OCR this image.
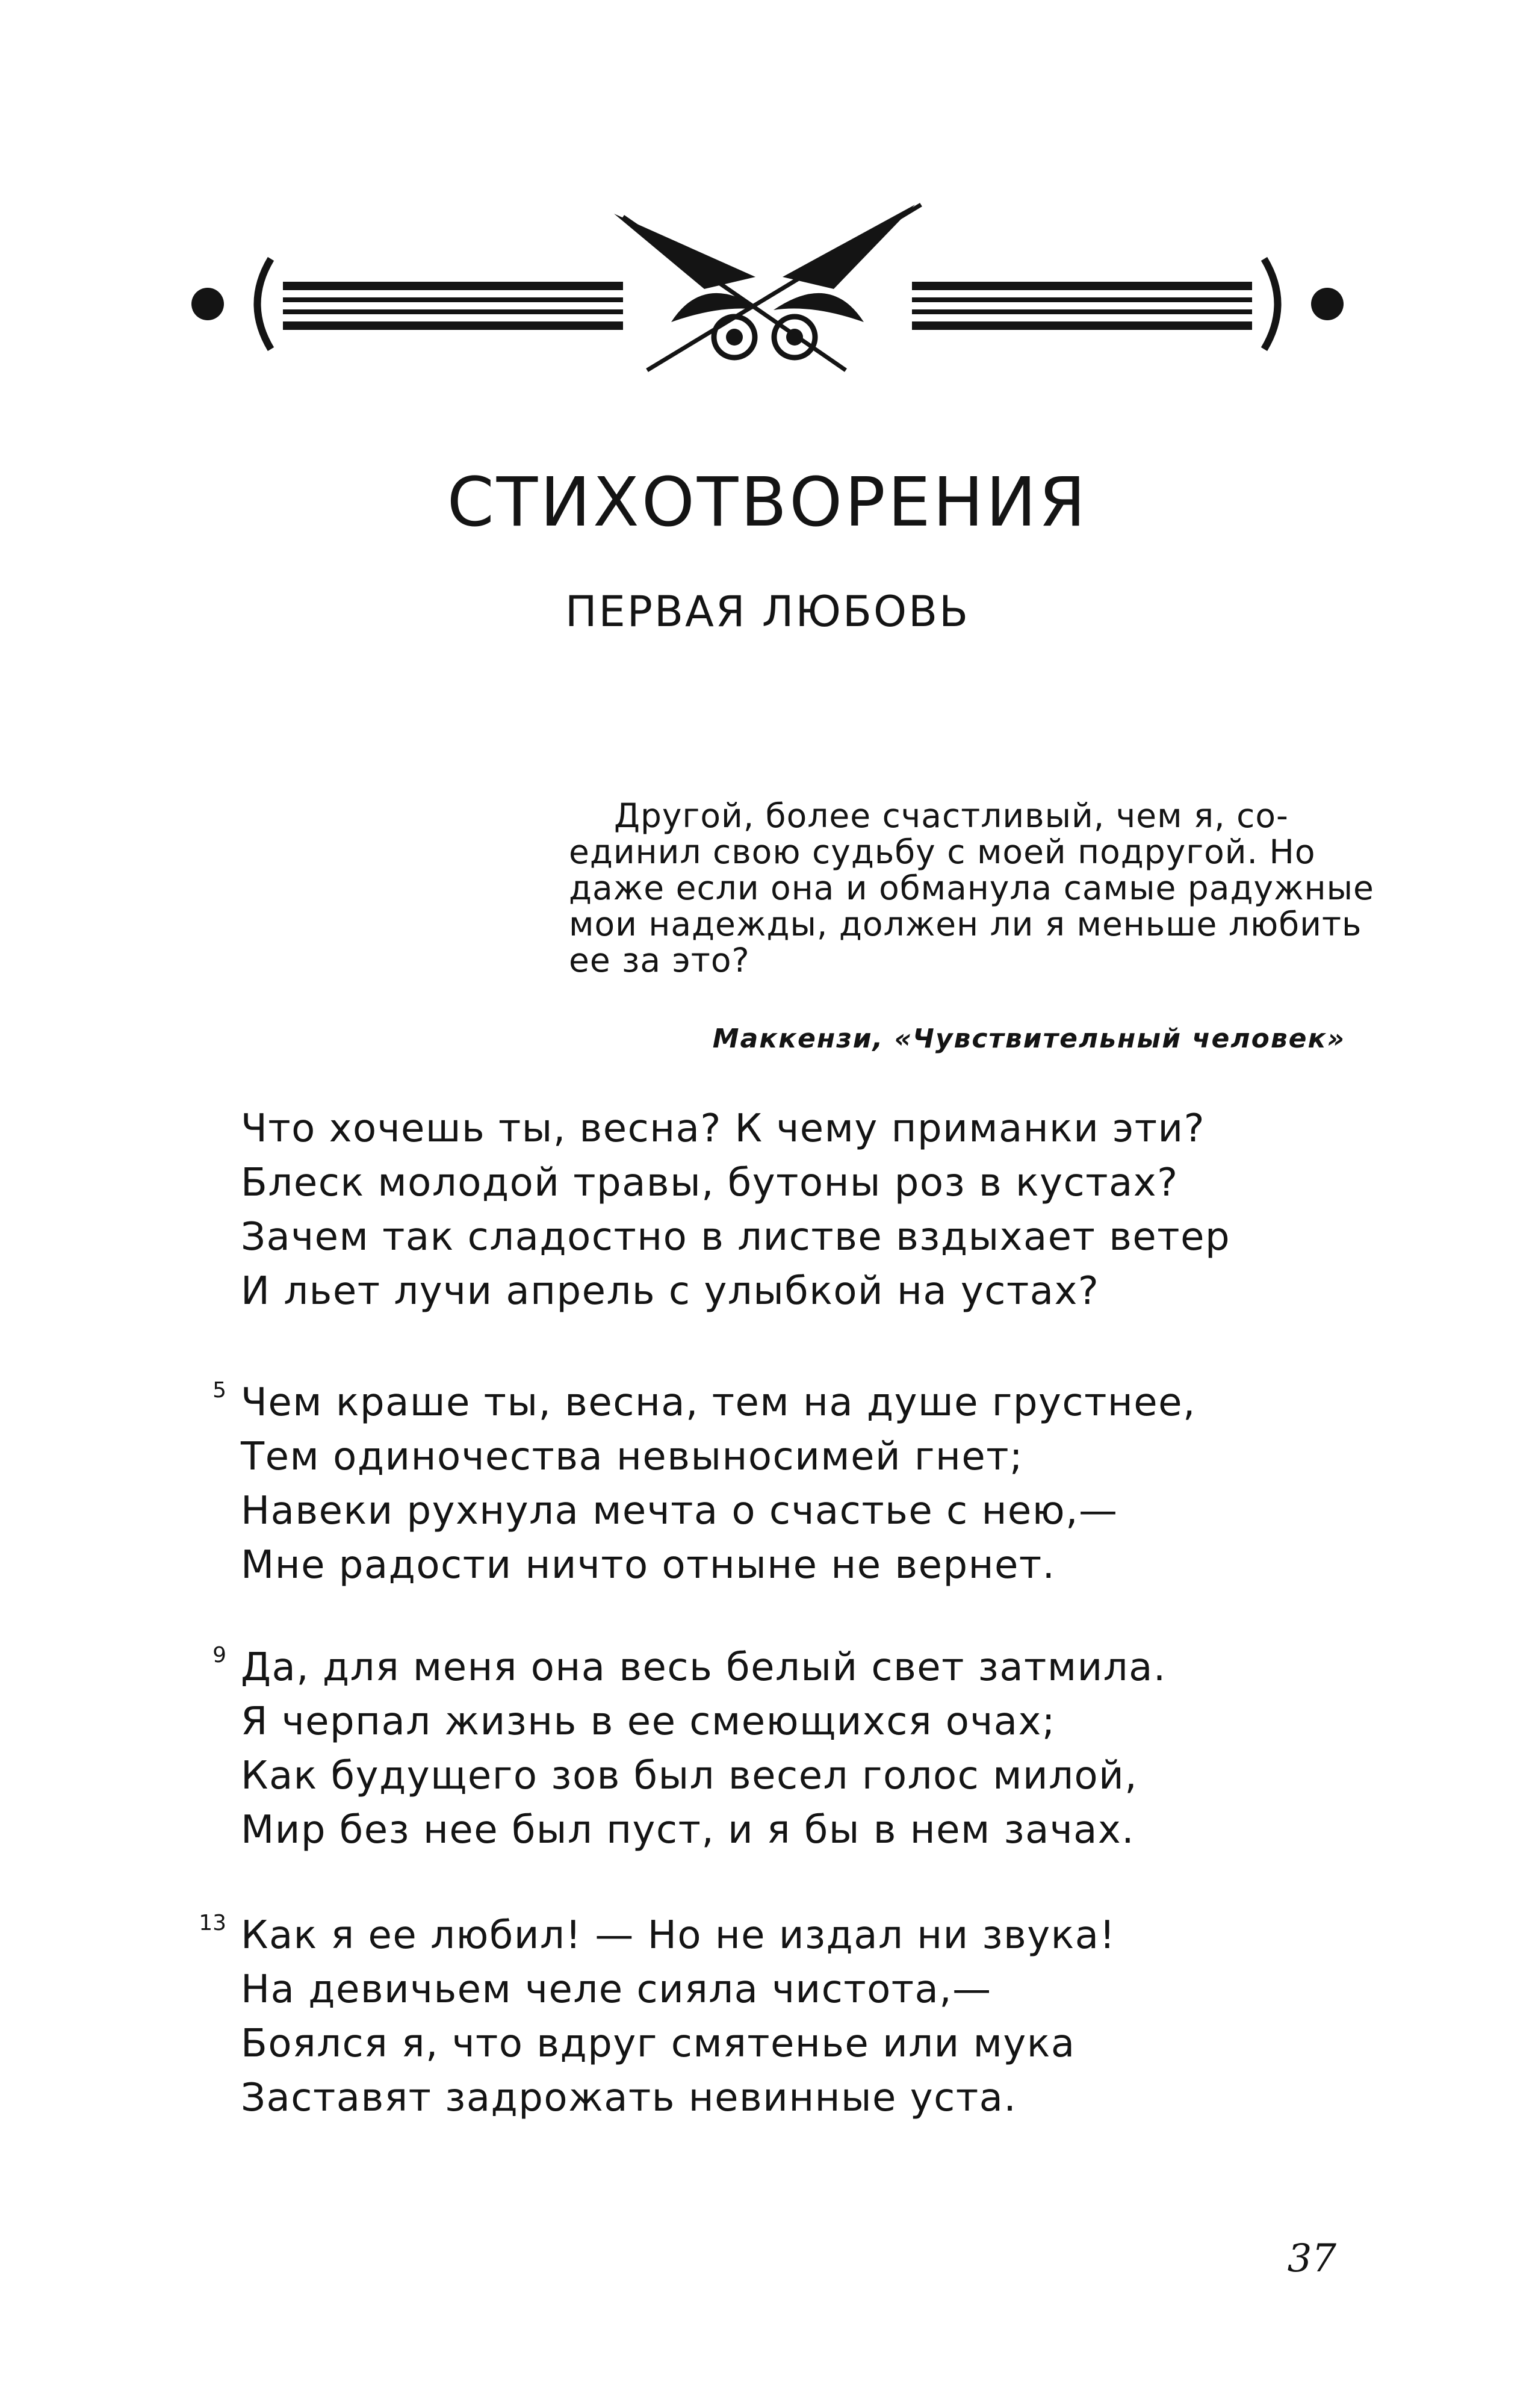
СТИХОТВОРЕНИЯ
ПЕРВАЯ ЛЮБОВЬ
Другой, более счастливый, чем я, со-
единил свою судьбу с моей подругой. Но
даже если она и обманула самые радужные
мои надежды, должен ли я меньше любить
ее за это?
Маккензи, «Чувствительный человек»
Что хочешь ты, весна? К чему приманки эти?
Блеск молодой травы, бутоны роз в кустах?
Зачем так сладостно в листве вздыхает ветер
И льет лучи апрель с улыбкой на устах?
5 Чем краше ты, весна, тем на душе грустнее,
Тем одиночества невыносимей гнет;
Навеки рухнула мечта о счастье с нею,—
Мне радости ничто отныне не вернет.
9 Да, для меня она весь белый свет затмила.
Я черпал жизнь в ее смеющихся очах;
Как будущего зов был весел голос милой,
Мир без нее был пуст, и я бы в нем зачах.
13 Как я ее любил! — Но не издал ни звука!
На девичьем челе сияла чистота,—
Боялся я, что вдруг смятенье или мука
Заставят задрожать невинные уста.
37
